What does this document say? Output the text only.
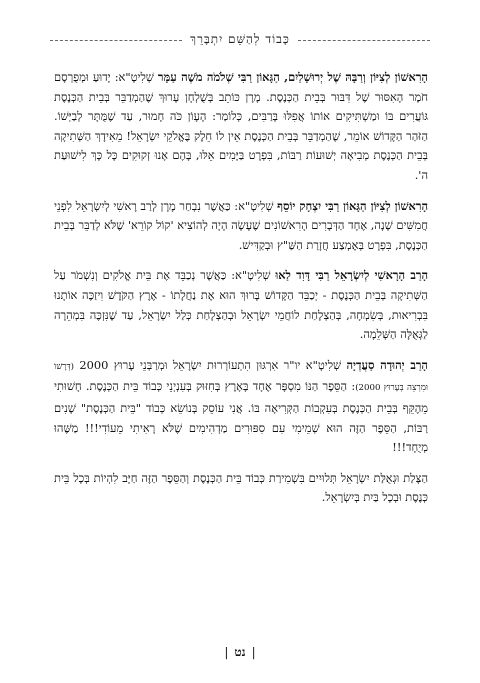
כָּבוֹד לְהַשֵּׁם יִתְבָּרֵךְ

הָרִאשׁוֹן לְצִיּוֹן וְרַבָּהּ שֶׁל יְרוּשָׁלַיִם, הַגָּאוֹן רַבִּי שְׁלֹמֹה מֹשֶׁה עַמָּר שְׁלִיטָ"א: יָדוּעַ וּמְפֻרְסָם חֹמֶר הָאִסּוּר שֶׁל דִּבּוּר בְּבֵית הַכְּנֶסֶת. מָרָן כּוֹתֵב בְּשֻׁלְחָן עָרוּךְ שֶׁהַמְדַבֵּר בְּבֵית הַכְּנֶסֶת גּוֹעֲרִים בּוֹ וּמַשְׁתִּיקִים אוֹתוֹ אֲפִלּוּ בָּרַבִּים, כְּלוֹמַר: הָעָוֹן כֹּה חָמוּר, עַד שֶׁמֻּתָּר לְבַיְּשׁוֹ. הַזֹּהַר הַקָּדוֹשׁ אוֹמֵר, שֶׁהַמְדַבֵּר בְּבֵית הַכְּנֶסֶת אֵין לוֹ חֵלֶק בֶּאֱלֹקֵי יִשְׂרָאֵל! מֵאִידָךְ הַשְּׁתִיקָה בְּבֵית הַכְּנֶסֶת מְבִיאָה יְשׁוּעוֹת רַבּוֹת, בִּפְרָט בַּיָּמִים אֵלּוּ, בָּהֶם אָנוּ זְקוּקִים כָּל כָּךְ לִישׁוּעַת ה'.

הָרִאשׁוֹן לְצִיּוֹן הַגָּאוֹן רַבִּי יִצְחָק יוֹסֵף שְׁלִיטָ"א: כַּאֲשֶׁר נִבְחַר מָרָן לְרַב רָאשִׁי לְיִשְׂרָאֵל לִפְנֵי חֲמִשִּׁים שָׁנָה, אֶחָד הַדְּבָרִים הָרִאשׁוֹנִים שֶׁעָשָׂה הָיָה לְהוֹצִיא 'קוֹל קוֹרֵא' שֶׁלֹּא לְדַבֵּר בְּבֵית הַכְּנֶסֶת, בִּפְרָט בְּאֶמְצַע חֲזָרַת הַשַּׁ"ץ וּבְקַדִּישׁ.

הָרַב הָרָאשִׁי לְיִשְׂרָאֵל רַבִּי דָּוִד לַאוּ שְׁלִיטָ"א: כַּאֲשֶׁר נְכַבֵּד אֶת בֵּית אֱלֹקִים וְנִשְׁמֹר עַל הַשְּׁתִיקָה בְּבֵית הַכְּנֶסֶת - יְכַבֵּד הַקָּדוֹשׁ בָּרוּךְ הוּא אֶת נַחֲלָתוֹ - אֶרֶץ הַקֹּדֶשׁ וִיזַכֶּה אוֹתָנוּ בִּבְרִיאוּת, בְּשִׂמְחָה, בְּהַצְלָחַת לוֹחֲמֵי יִשְׂרָאֵל וּבְהַצְלָחַת כְּלַל יִשְׂרָאֵל, עַד שֶׁנִּזְכֶּה בִּמְהֵרָה לַגְּאֻלָּה הַשְּׁלֵמָה.

הָרַב יְהוּדָה סַעֲדְיָה שְׁלִיטָ"א יו"ר אִרְגּוּן הִתְעוֹרְרוּת יִשְׂרָאֵל וּמְרַבְּנֵי עָרוּץ 2000 (דְּרָשׁוֹ וּמִרְצֵה בְּעָרוּץ 2000): הַסֵּפֶר הַנּוֹ מִסְפָּר אֶחָד בָּאָרֶץ בְּחִזּוּק בְּעִנְיְנֵי כְּבוֹד בֵּית הַכְּנֶסֶת. חָשׁוּתִי מֵהֶקֵּף בְּבֵית הַכְּנֶסֶת בְּעִקְבוֹת הַקְּרִיאָה בּוֹ. אֲנִי עוֹסֵק בְּנוֹשֵׂא כְּבוֹד "בֵּית הַכְּנֶסֶת" שָׁנִים רַבּוֹת, הַסֵּפֶר הַזֶּה הוּא שְׁמֵימִי עִם סִפּוּרִים מַדְהִימִים שֶׁלֹּא רָאִיתִי מֵעוֹדִי!!! מַשֶּׁהוּ מְיֻחָד!!!

הַצָּלַת וּגְאֻלַּת יִשְׂרָאֵל תְּלוּיִים בִּשְׁמִירַת כְּבוֹד בֵּית הַכְּנֶסֶת וְהַסֵּפֶר הַזֶּה חַיָּב לִהְיוֹת בְּכָל בֵּית כְּנֶסֶת וּבְכָל בַּיִת בְּיִשְׂרָאֵל.

|נט|
